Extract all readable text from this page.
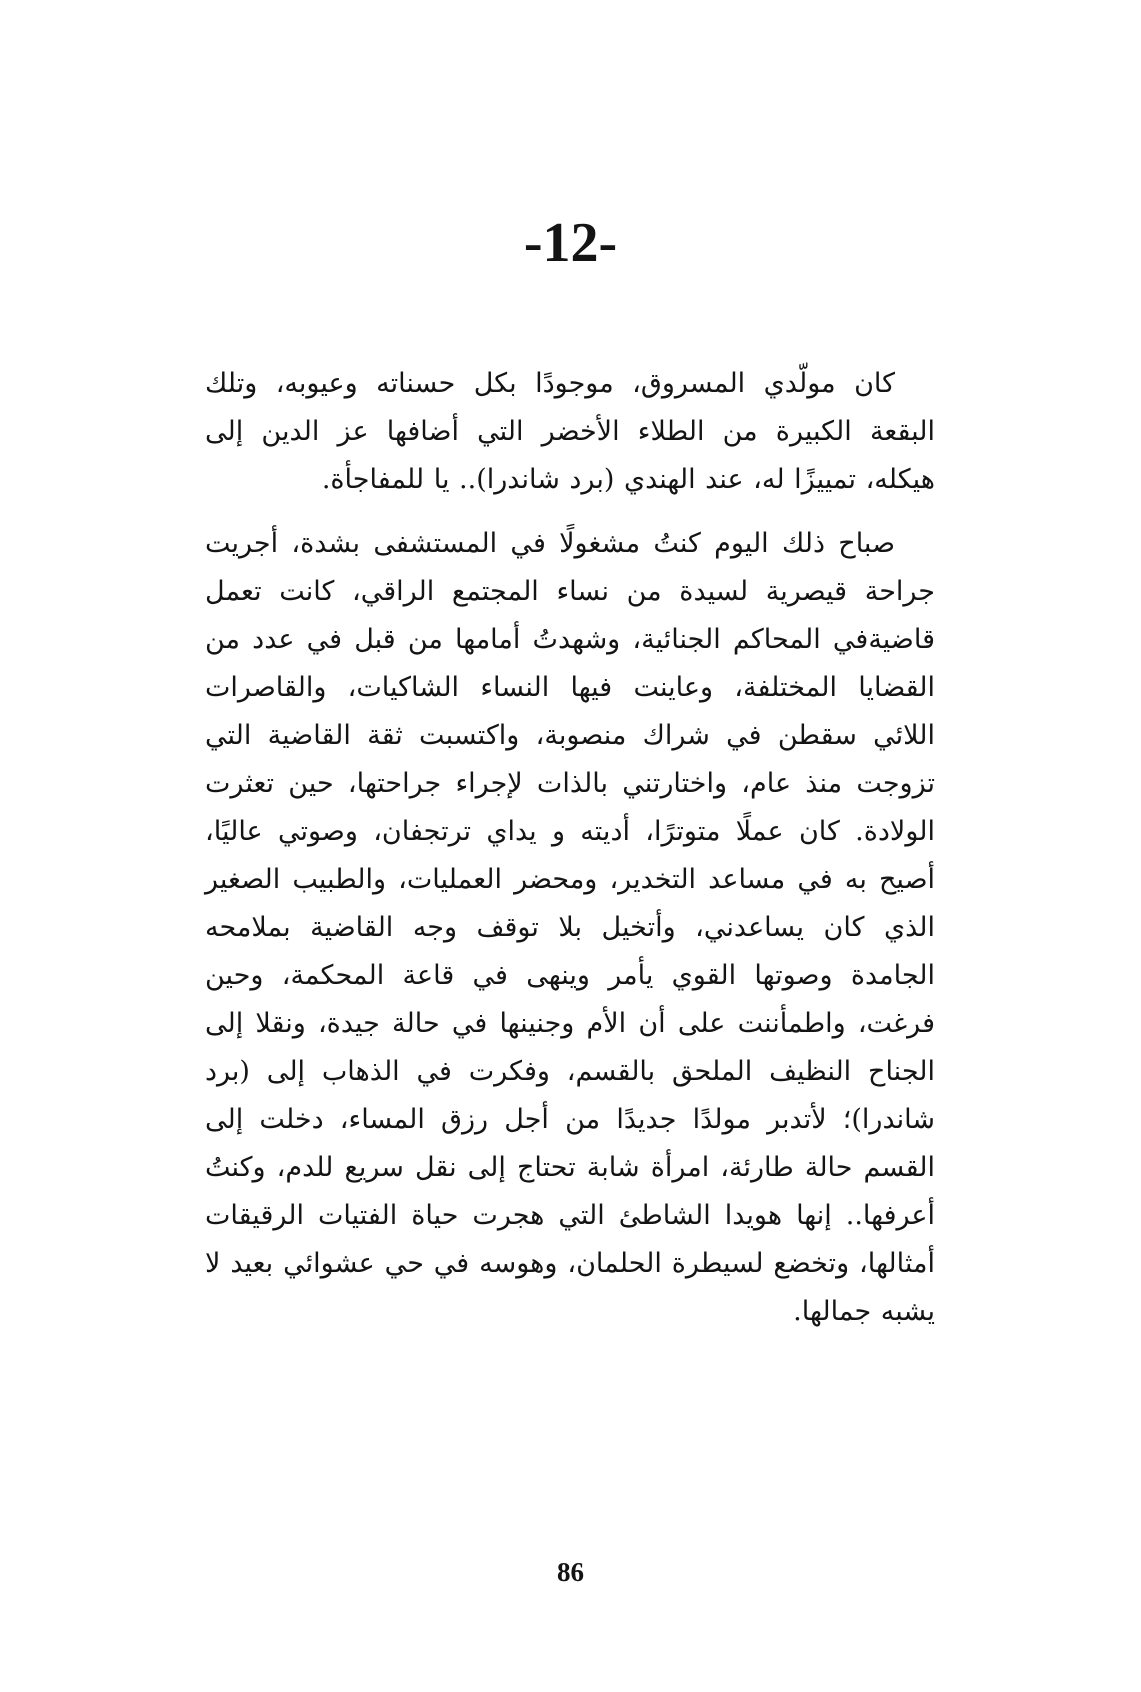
-12-

كان مولّدي المسروق، موجودًا بكل حسناته وعيوبه، وتلك البقعة الكبيرة من الطلاء الأخضر التي أضافها عز الدين إلى هيكله، تمييزًا له، عند الهندي (برد شاندرا).. يا للمفاجأة.

صباح ذلك اليوم كنتُ مشغولًا في المستشفى بشدة، أجريت جراحة قيصرية لسيدة من نساء المجتمع الراقي، كانت تعمل قاضيةفي المحاكم الجنائية، وشهدتُ أمامها من قبل في عدد من القضايا المختلفة، وعاينت فيها النساء الشاكيات، والقاصرات اللائي سقطن في شراك منصوبة، واكتسبت ثقة القاضية التي تزوجت منذ عام، واختارتني بالذات لإجراء جراحتها، حين تعثرت الولادة. كان عملًا متوترًا، أديته و يداي ترتجفان، وصوتي عاليًا، أصيح به في مساعد التخدير، ومحضر العمليات، والطبيب الصغير الذي كان يساعدني، وأتخيل بلا توقف وجه القاضية بملامحه الجامدة وصوتها القوي يأمر وينهى في قاعة المحكمة، وحين فرغت، واطمأننت على أن الأم وجنينها في حالة جيدة، ونقلا إلى الجناح النظيف الملحق بالقسم، وفكرت في الذهاب إلى (برد شاندرا)؛ لأتدبر مولدًا جديدًا من أجل رزق المساء، دخلت إلى القسم حالة طارئة، امرأة شابة تحتاج إلى نقل سريع للدم، وكنتُ أعرفها.. إنها هويدا الشاطئ التي هجرت حياة الفتيات الرقيقات أمثالها، وتخضع لسيطرة الحلمان، وهوسه في حي عشوائي بعيد لا يشبه جمالها.

86
